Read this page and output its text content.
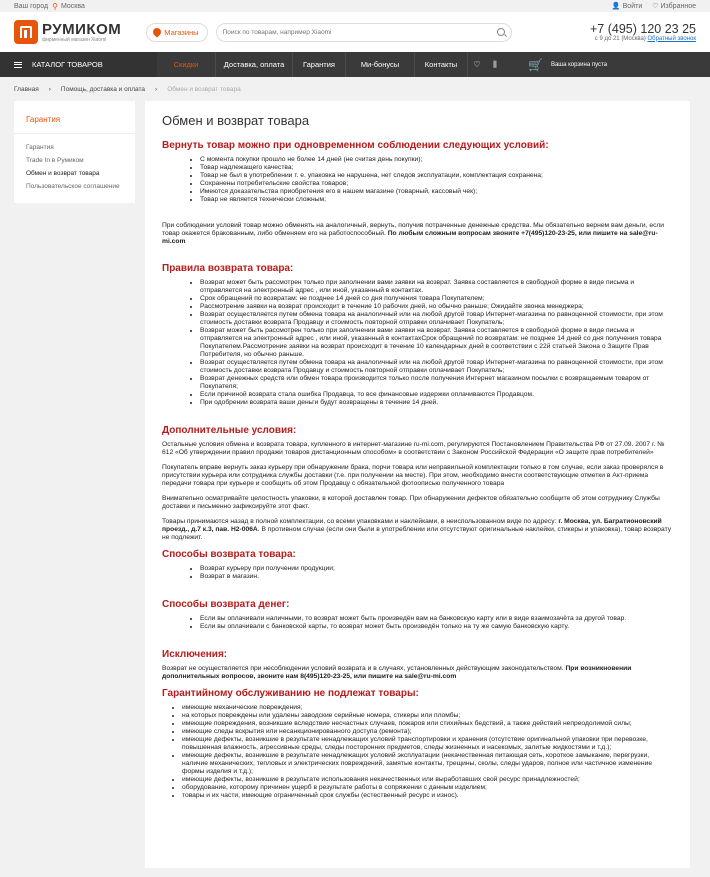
Ваш город ⚲ Москва	👤 Войти ♡ Избранное
РУМИКОМ
фирменный магазин Xiaomi
Магазины
Поиск по товарам, например Xiaomi	+7 (495) 120 23 25
с 9 до 21 (Москва) Обратный звонок
КАТАЛОГ ТОВАРОВ	Скидки	Доставка, оплата	Гарантия	Ми-бонусы	Контакты	♡	⫼	🛒 Ваша корзина пуста
Главная › Помощь, доставка и оплата › Обмен и возврат товара
Гарантия
Гарантия
Trade In в Румиком
Обмен и возврат товара
Пользовательское соглашение
Обмен и возврат товара
Вернуть товар можно при одновременном соблюдении следующих условий:
• С момента покупки прошло не более 14 дней (не считая день покупки);
• Товар надлежащего качества;
• Товар не был в употреблении т. е. упаковка не нарушена, нет следов эксплуатации, комплектация сохранена;
• Сохранены потребительские свойства товаров;
• Имеются доказательства приобретения его в нашем магазине (товарный, кассовый чек);
• Товар не является технически сложным;

При соблюдении условий товар можно обменять на аналогичный, вернуть, получив потраченные денежные средства. Мы обязательно вернем вам деньги, если товар окажется бракованным, либо обменяем его на работоспособный. По любым сложным вопросам звоните +7(495)120-23-25, или пишите на sale@ru-mi.com

Правила возврата товара:
• Возврат может быть рассмотрен только при заполнении вами заявки на возврат. Заявка составляется в свободной форме в виде письма и отправляется на электронный адрес , или иной, указанный в контактах.
• Срок обращений по возвратам: не позднее 14 дней со дня получения товара Покупателем;
• Рассмотрение заявки на возврат происходит в течение 10 рабочих дней, но обычно раньше; Ожидайте звонка менеджера;
• Возврат осуществляется путем обмена товара на аналогичный или на любой другой товар Интернет-магазина по равноценной стоимости, при этом стоимость доставки возврата Продавцу и стоимость повторной отправки оплачивает Покупатель;
• Возврат может быть рассмотрен только при заполнении вами заявки на возврат. Заявка составляется в свободной форме в виде письма и отправляется на электронный адрес , или иной, указанный в контактахСрок обращений по возвратам: не позднее 14 дней со дня получения товара Покупателем.Рассмотрение заявки на возврат происходит в течение 10 календарных дней в соответствии с 22й статьей Закона о Защите Прав Потребителя, но обычно раньше.
• Возврат осуществляется путем обмена товара на аналогичный или на любой другой товар Интернет-магазина по равноценной стоимости, при этом стоимость доставки возврата Продавцу и стоимость повторной отправки оплачивает Покупатель;
• Возврат денежных средств или обмен товара производится только после получения Интернет магазином посылки с возвращаемым товаром от Покупателя;
• Если причиной возврата стала ошибка Продавца, то все финансовые издержки оплачиваются Продавцом.
• При одобрении возврата ваши деньги будут возвращены в течение 14 дней.
Дополнительные условия:

Остальные условия обмена и возврата товара, купленного в интернет-магазине ru-mi.com, регулируются Постановлением Правительства РФ от 27.09. 2007 г. № 612 «Об утверждении правил продажи товаров дистанционным способом» в соответствии с Законом Российской Федерации «О защите прав потребителей»

Покупатель вправе вернуть заказ курьеру при обнаружении брака, порчи товара или неправильной комплектации только в том случае, если заказ проверялся в присутствии курьера или сотрудника службы доставки (т.е. при получении на месте). При этом, необходимо внести соответствующие отметки в Акт-приема передачи товара при курьере и сообщить об этом Продавцу с обязательной фотоописью полученного товара

Внимательно осматривайте целостность упаковки, в которой доставлен товар. При обнаружении дефектов обязательно сообщите об этом сотруднику Службы доставки и письменно зафиксируйте этот факт.

Товары принимаются назад в полной комплектации, со всеми упаковками и наклейками, в неиспользованном виде по адресу: г. Москва, ул. Багратионовский проезд., д.7 к.3, пав. Н2-006А. В противном случае (если они были в употреблении или отсутствуют оригинальные наклейки, стикеры и упаковка), товар возврату не подлежит.

Способы возврата товара:
• Возврат курьеру при получении продукции;
• Возврат в магазин.
Способы возврата денег:
• Если вы оплачивали наличными, то возврат может быть произведён вам на банковскую карту или в виде взаимозачёта за другой товар.
• Если вы оплачивали с банковской карты, то возврат может быть произведён только на ту же самую банковскую карту.
Исключения:

Возврат не осуществляется при несоблюдении условий возврата и в случаях, установленных действующим законодательством. При возникновении дополнительных вопросов, звоните нам 8(495)120-23-25, или пишите на sale@ru-mi.com

Гарантийному обслуживанию не подлежат товары:
• имеющие механические повреждения;
• на которых повреждены или удалены заводские серийные номера, стикеры или пломбы;
• имеющие повреждения, возникшие вследствие несчастных случаев, пожаров или стихийных бедствий, а также действий непреодолимой силы;
• имеющие следы вскрытия или несанкционированного доступа (ремонта);
• имеющие дефекты, возникшие в результате ненадлежащих условий транспортировки и хранения (отсутствие оригинальной упаковки при перевозке, повышенная влажность, агрессивные среды, следы посторонних предметов, следы жизненных и насекомых, залитые жидкостями и т.д.);
• имеющие дефекты, возникшие в результате ненадлежащих условий эксплуатации (некачественная питающая сеть, короткое замыкание, перегрузки, наличие механических, тепловых и электрических повреждений, замятые контакты, трещины, сколы, следы ударов, полное или частичное изменение формы изделия и т.д.);
• имеющие дефекты, возникшие в результате использования некачественных или выработавших свой ресурс принадлежностей;
• оборудование, которому причинен ущерб в результате работы в сопряжении с данным изделием;
• товары и их части, имеющие ограниченный срок службы (естественный ресурс и износ).
